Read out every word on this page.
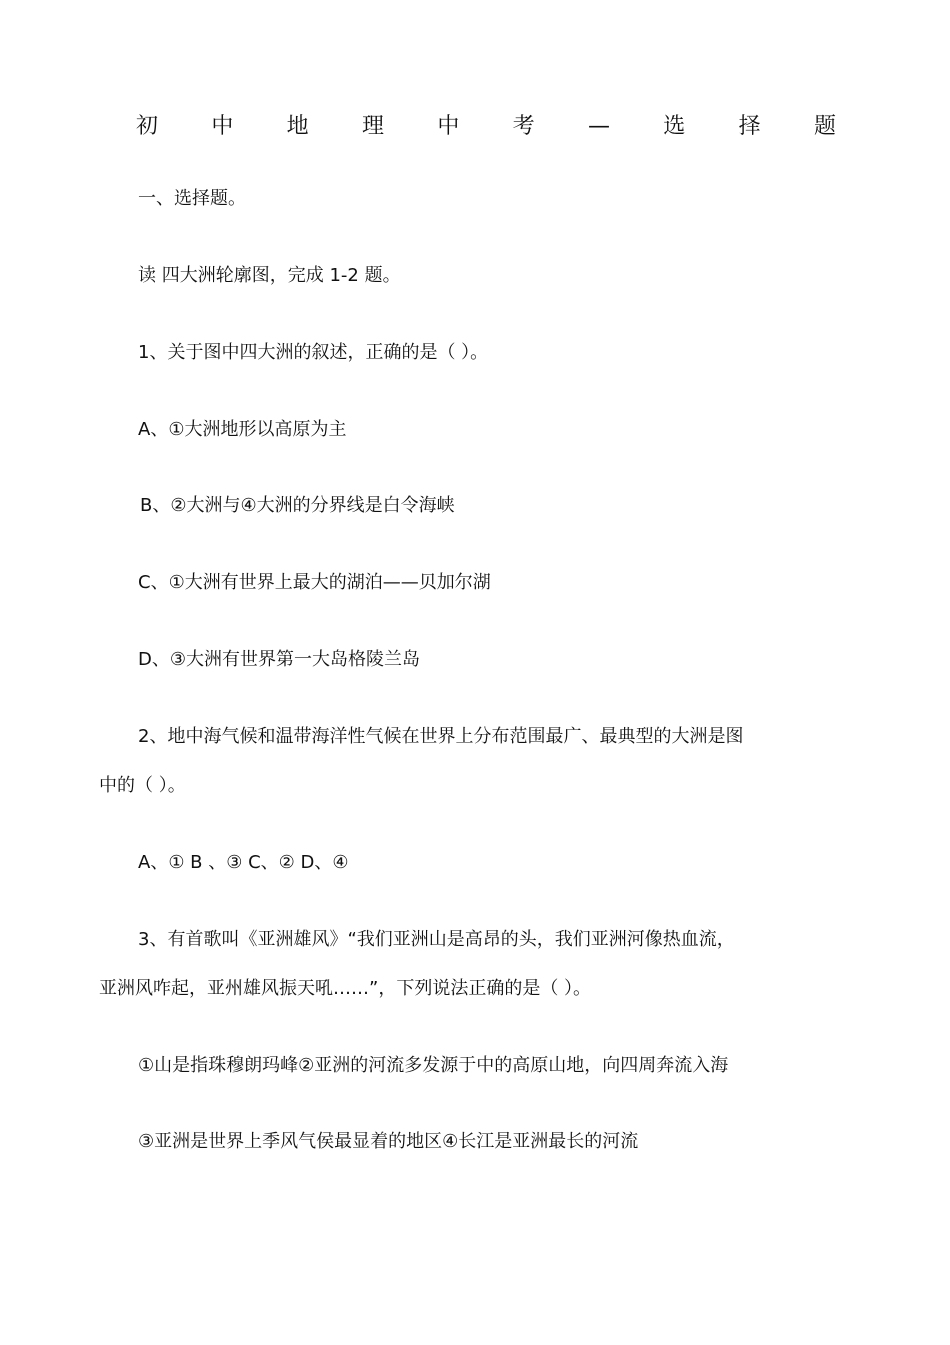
初 中 地 理 中 考 — 选 择 题
一、选择题。
读 四大洲轮廓图，完成 1-2 题。
1、关于图中四大洲的叙述，正确的是（ ）。
A、①大洲地形以高原为主
B、②大洲与④大洲的分界线是白令海峡
C、①大洲有世界上最大的湖泊——贝加尔湖
D、③大洲有世界第一大岛格陵兰岛
2、地中海气候和温带海洋性气候在世界上分布范围最广、最典型的大洲是图
中的（ ）。
A、① B 、③ C、② D、④
3、有首歌叫《亚洲雄风》“我们亚洲山是高昂的头，我们亚洲河像热血流，
亚洲风咋起，亚州雄风振天吼……”，下列说法正确的是（ ）。
①山是指珠穆朗玛峰②亚洲的河流多发源于中的高原山地，向四周奔流入海
③亚洲是世界上季风气侯最显着的地区④长江是亚洲最长的河流
